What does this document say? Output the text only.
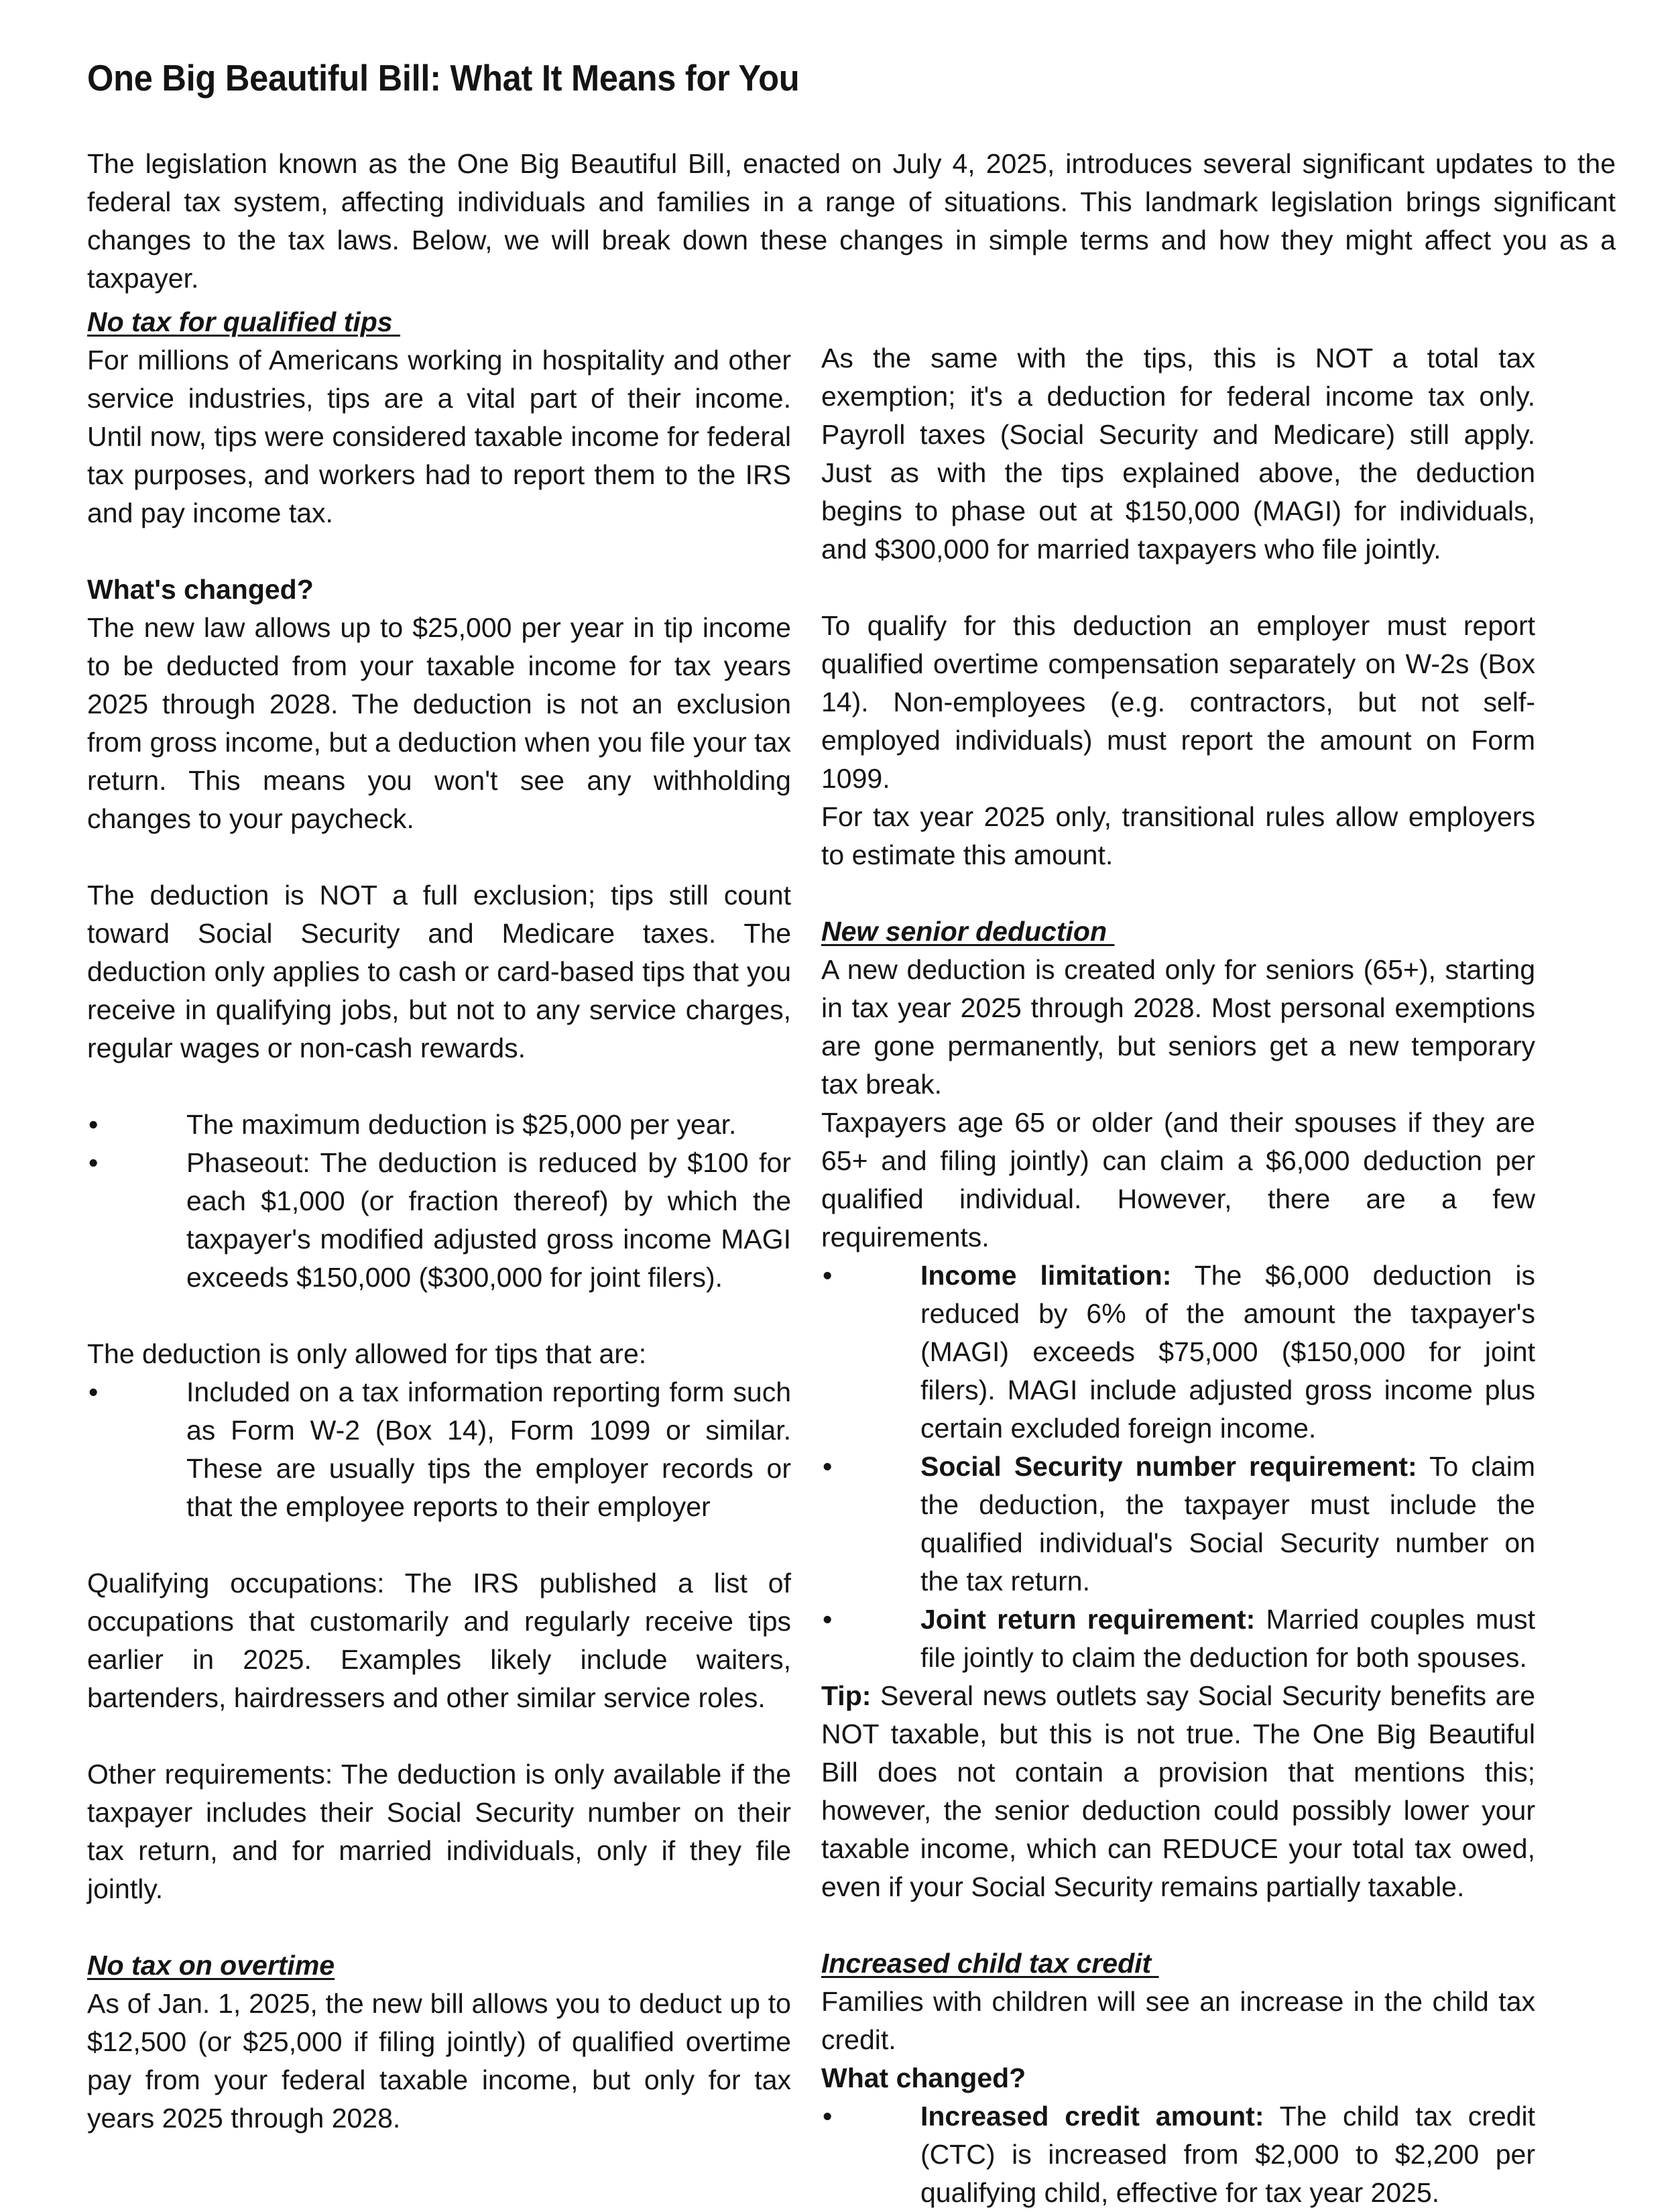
One Big Beautiful Bill: What It Means for You

The legislation known as the One Big Beautiful Bill, enacted on July 4, 2025, introduces several significant updates to the federal tax system, affecting individuals and families in a range of situations. This landmark legislation brings significant changes to the tax laws. Below, we will break down these changes in simple terms and how they might affect you as a taxpayer.

No tax for qualified tips

For millions of Americans working in hospitality and other service industries, tips are a vital part of their income. Until now, tips were considered taxable income for federal tax purposes, and workers had to report them to the IRS and pay income tax.

What's changed?

The new law allows up to $25,000 per year in tip income to be deducted from your taxable income for tax years 2025 through 2028. The deduction is not an exclusion from gross income, but a deduction when you file your tax return. This means you won't see any withholding changes to your paycheck.

The deduction is NOT a full exclusion; tips still count toward Social Security and Medicare taxes. The deduction only applies to cash or card-based tips that you receive in qualifying jobs, but not to any service charges, regular wages or non-cash rewards.

• The maximum deduction is $25,000 per year.
• Phaseout: The deduction is reduced by $100 for each $1,000 (or fraction thereof) by which the taxpayer's modified adjusted gross income MAGI exceeds $150,000 ($300,000 for joint filers).

The deduction is only allowed for tips that are:

• Included on a tax information reporting form such as Form W-2 (Box 14), Form 1099 or similar. These are usually tips the employer records or that the employee reports to their employer

Qualifying occupations: The IRS published a list of occupations that customarily and regularly receive tips earlier in 2025. Examples likely include waiters, bartenders, hairdressers and other similar service roles.

Other requirements: The deduction is only available if the taxpayer includes their Social Security number on their tax return, and for married individuals, only if they file jointly.

No tax on overtime

As of Jan. 1, 2025, the new bill allows you to deduct up to $12,500 (or $25,000 if filing jointly) of qualified overtime pay from your federal taxable income, but only for tax years 2025 through 2028.

As the same with the tips, this is NOT a total tax exemption; it's a deduction for federal income tax only. Payroll taxes (Social Security and Medicare) still apply. Just as with the tips explained above, the deduction begins to phase out at $150,000 (MAGI) for individuals, and $300,000 for married taxpayers who file jointly.

To qualify for this deduction an employer must report qualified overtime compensation separately on W-2s (Box 14). Non-employees (e.g. contractors, but not self-employed individuals) must report the amount on Form 1099.

For tax year 2025 only, transitional rules allow employers to estimate this amount.

New senior deduction

A new deduction is created only for seniors (65+), starting in tax year 2025 through 2028. Most personal exemptions are gone permanently, but seniors get a new temporary tax break.

Taxpayers age 65 or older (and their spouses if they are 65+ and filing jointly) can claim a $6,000 deduction per qualified individual. However, there are a few requirements.

• Income limitation: The $6,000 deduction is reduced by 6% of the amount the taxpayer's (MAGI) exceeds $75,000 ($150,000 for joint filers). MAGI include adjusted gross income plus certain excluded foreign income.
• Social Security number requirement: To claim the deduction, the taxpayer must include the qualified individual's Social Security number on the tax return.
• Joint return requirement: Married couples must file jointly to claim the deduction for both spouses.

Tip: Several news outlets say Social Security benefits are NOT taxable, but this is not true. The One Big Beautiful Bill does not contain a provision that mentions this; however, the senior deduction could possibly lower your taxable income, which can REDUCE your total tax owed, even if your Social Security remains partially taxable.

Increased child tax credit

Families with children will see an increase in the child tax credit.

What changed?
• Increased credit amount: The child tax credit (CTC) is increased from $2,000 to $2,200 per qualifying child, effective for tax year 2025.
